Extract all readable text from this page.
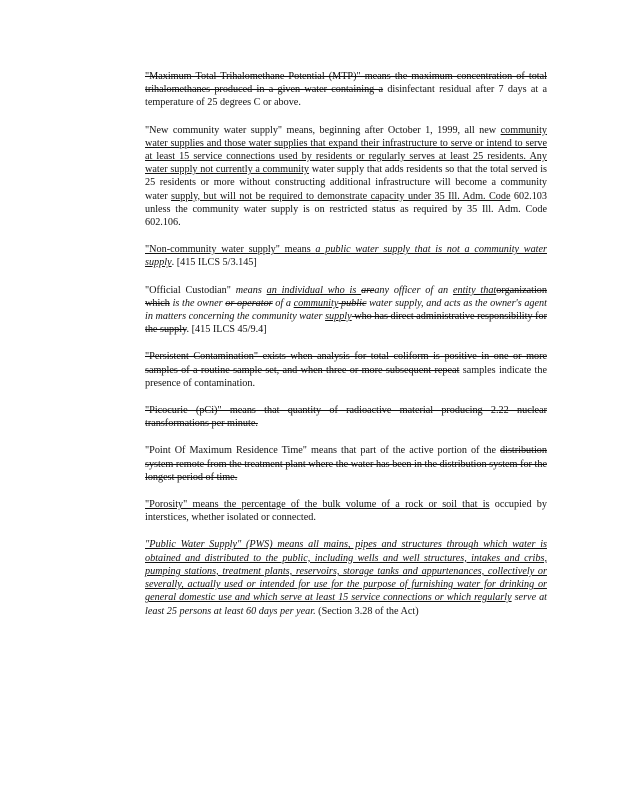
"Maximum Total Trihalomethane Potential (MTP)" means the maximum concentration of total trihalomethanes produced in a given water containing a disinfectant residual after 7 days at a temperature of 25 degrees C or above.

"New community water supply" means, beginning after October 1, 1999, all new community water supplies and those water supplies that expand their infrastructure to serve or intend to serve at least 15 service connections used by residents or regularly serves at least 25 residents. Any water supply not currently a community water supply that adds residents so that the total served is 25 residents or more without constructing additional infrastructure will become a community water supply, but will not be required to demonstrate capacity under 35 Ill. Adm. Code 602.103 unless the community water supply is on restricted status as required by 35 Ill. Adm. Code 602.106.

"Non-community water supply" means a public water supply that is not a community water supply. [415 ILCS 5/3.145]

"Official Custodian" means an individual who is areany officer of an entity thatorganization which is the owner or operator of a community public water supply, and acts as the owner's agent in matters concerning the community water supply who has direct administrative responsibility for the supply. [415 ILCS 45/9.4]

"Persistent Contamination" exists when analysis for total coliform is positive in one or more samples of a routine sample set, and when three or more subsequent repeat samples indicate the presence of contamination.

"Picocurie (pCi)" means that quantity of radioactive material producing 2.22 nuclear transformations per minute.

"Point Of Maximum Residence Time" means that part of the active portion of the distribution system remote from the treatment plant where the water has been in the distribution system for the longest period of time.

"Porosity" means the percentage of the bulk volume of a rock or soil that is occupied by interstices, whether isolated or connected.

"Public Water Supply" (PWS) means all mains, pipes and structures through which water is obtained and distributed to the public, including wells and well structures, intakes and cribs, pumping stations, treatment plants, reservoirs, storage tanks and appurtenances, collectively or severally, actually used or intended for use for the purpose of furnishing water for drinking or general domestic use and which serve at least 15 service connections or which regularly serve at least 25 persons at least 60 days per year. (Section 3.28 of the Act)
